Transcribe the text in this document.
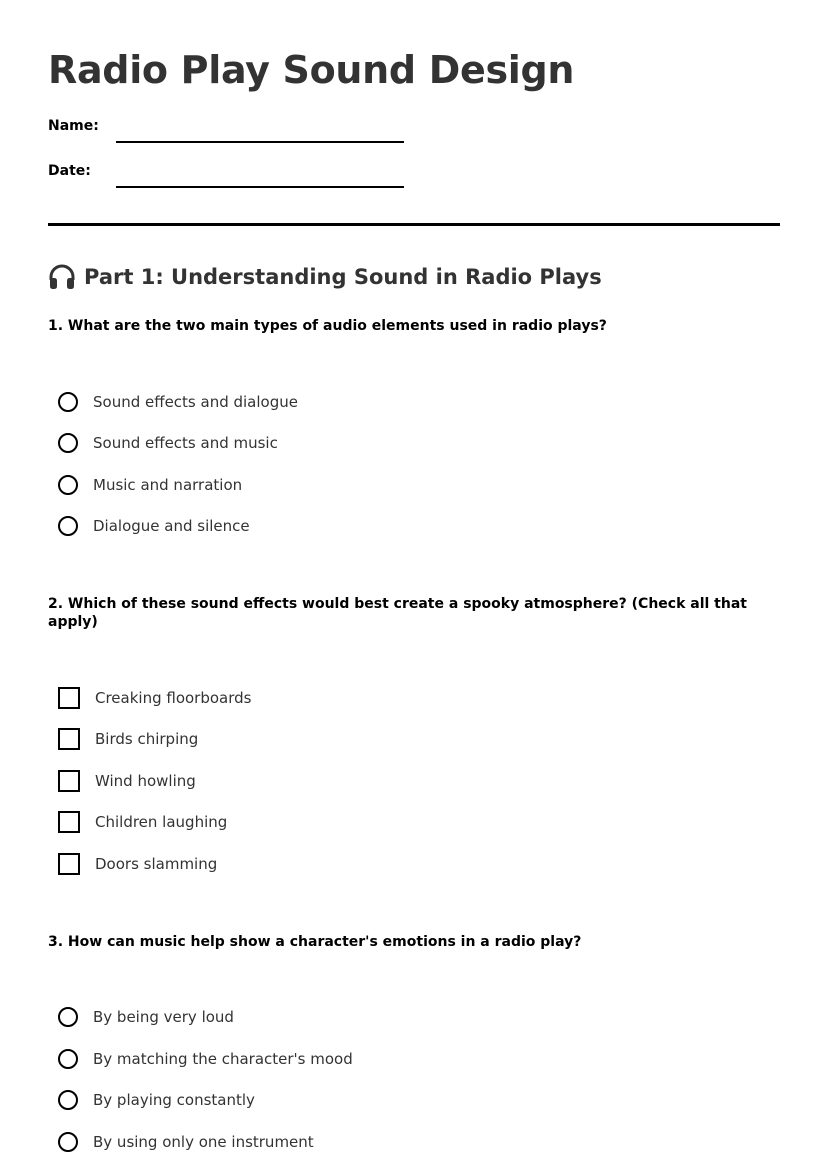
Radio Play Sound Design
Name:
Date:
Part 1: Understanding Sound in Radio Plays
1. What are the two main types of audio elements used in radio plays?
Sound effects and dialogue
Sound effects and music
Music and narration
Dialogue and silence
2. Which of these sound effects would best create a spooky atmosphere? (Check all that apply)
Creaking floorboards
Birds chirping
Wind howling
Children laughing
Doors slamming
3. How can music help show a character's emotions in a radio play?
By being very loud
By matching the character's mood
By playing constantly
By using only one instrument
